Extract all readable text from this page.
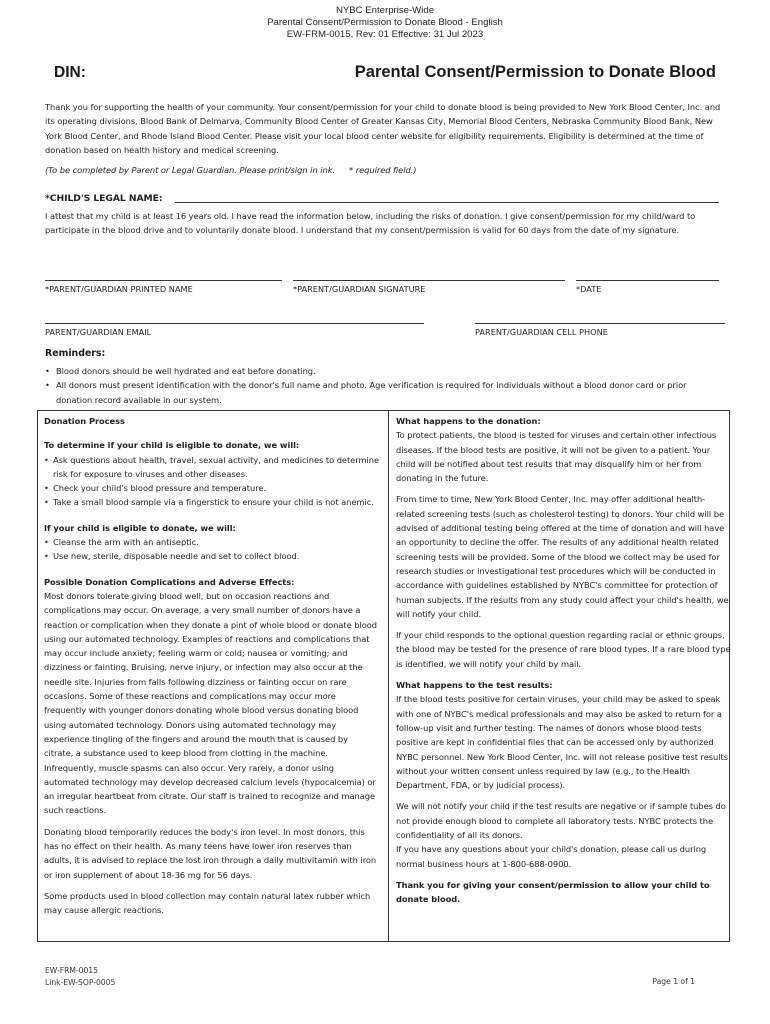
NYBC Enterprise-Wide
Parental Consent/Permission to Donate Blood - English
EW-FRM-0015, Rev: 01 Effective: 31 Jul 2023
DIN:	Parental Consent/Permission to Donate Blood
Thank you for supporting the health of your community. Your consent/permission for your child to donate blood is being provided to New York Blood Center, Inc. and its operating divisions, Blood Bank of Delmarva, Community Blood Center of Greater Kansas City, Memorial Blood Centers, Nebraska Community Blood Bank, New York Blood Center, and Rhode Island Blood Center. Please visit your local blood center website for eligibility requirements. Eligibility is determined at the time of donation based on health history and medical screening.
(To be completed by Parent or Legal Guardian. Please print/sign in ink. * required field.)
*CHILD'S LEGAL NAME:
I attest that my child is at least 16 years old. I have read the information below, including the risks of donation. I give consent/permission for my child/ward to participate in the blood drive and to voluntarily donate blood. I understand that my consent/permission is valid for 60 days from the date of my signature.
*PARENT/GUARDIAN PRINTED NAME	*PARENT/GUARDIAN SIGNATURE	*DATE
PARENT/GUARDIAN EMAIL	PARENT/GUARDIAN CELL PHONE
Reminders:
• Blood donors should be well hydrated and eat before donating.
• All donors must present identification with the donor's full name and photo. Age verification is required for individuals without a blood donor card or prior donation record available in our system.

Donation Process

To determine if your child is eligible to donate, we will:

• Ask questions about health, travel, sexual activity, and medicines to determine risk for exposure to viruses and other diseases.
• Check your child's blood pressure and temperature.
• Take a small blood sample via a fingerstick to ensure your child is not anemic.

If your child is eligible to donate, we will:

• Cleanse the arm with an antiseptic.
• Use new, sterile, disposable needle and set to collect blood.

Possible Donation Complications and Adverse Effects:

Most donors tolerate giving blood well, but on occasion reactions and complications may occur. On average, a very small number of donors have a reaction or complication when they donate a pint of whole blood or donate blood using our automated technology. Examples of reactions and complications that may occur include anxiety; feeling warm or cold; nausea or vomiting; and dizziness or fainting. Bruising, nerve injury, or infection may also occur at the needle site. Injuries from falls following dizziness or fainting occur on rare occasions. Some of these reactions and complications may occur more frequently with younger donors donating whole blood versus donating blood using automated technology. Donors using automated technology may experience tingling of the fingers and around the mouth that is caused by citrate, a substance used to keep blood from clotting in the machine. Infrequently, muscle spasms can also occur. Very rarely, a donor using automated technology may develop decreased calcium levels (hypocalcemia) or an irregular heartbeat from citrate. Our staff is trained to recognize and manage such reactions.

Donating blood temporarily reduces the body's iron level. In most donors, this has no effect on their health. As many teens have lower iron reserves than adults, it is advised to replace the lost iron through a daily multivitamin with iron or iron supplement of about 18-36 mg for 56 days.

Some products used in blood collection may contain natural latex rubber which may cause allergic reactions.

What happens to the donation:

To protect patients, the blood is tested for viruses and certain other infectious diseases. If the blood tests are positive, it will not be given to a patient. Your child will be notified about test results that may disqualify him or her from donating in the future.

From time to time, New York Blood Center, Inc. may offer additional health-related screening tests (such as cholesterol testing) to donors. Your child will be advised of additional testing being offered at the time of donation and will have an opportunity to decline the offer. The results of any additional health related screening tests will be provided. Some of the blood we collect may be used for research studies or investigational test procedures which will be conducted in accordance with guidelines established by NYBC's committee for protection of human subjects. If the results from any study could affect your child's health, we will notify your child.

If your child responds to the optional question regarding racial or ethnic groups, the blood may be tested for the presence of rare blood types. If a rare blood type is identified, we will notify your child by mail.

What happens to the test results:

If the blood tests positive for certain viruses, your child may be asked to speak with one of NYBC's medical professionals and may also be asked to return for a follow-up visit and further testing. The names of donors whose blood tests positive are kept in confidential files that can be accessed only by authorized NYBC personnel. New York Blood Center, Inc. will not release positive test results without your written consent unless required by law (e.g., to the Health Department, FDA, or by judicial process).

We will not notify your child if the test results are negative or if sample tubes do not provide enough blood to complete all laboratory tests. NYBC protects the confidentiality of all its donors.

If you have any questions about your child's donation, please call us during normal business hours at 1-800-688-0900.

Thank you for giving your consent/permission to allow your child to donate blood.

EW-FRM-0015
Link-EW-SOP-0005	Page 1 of 1
